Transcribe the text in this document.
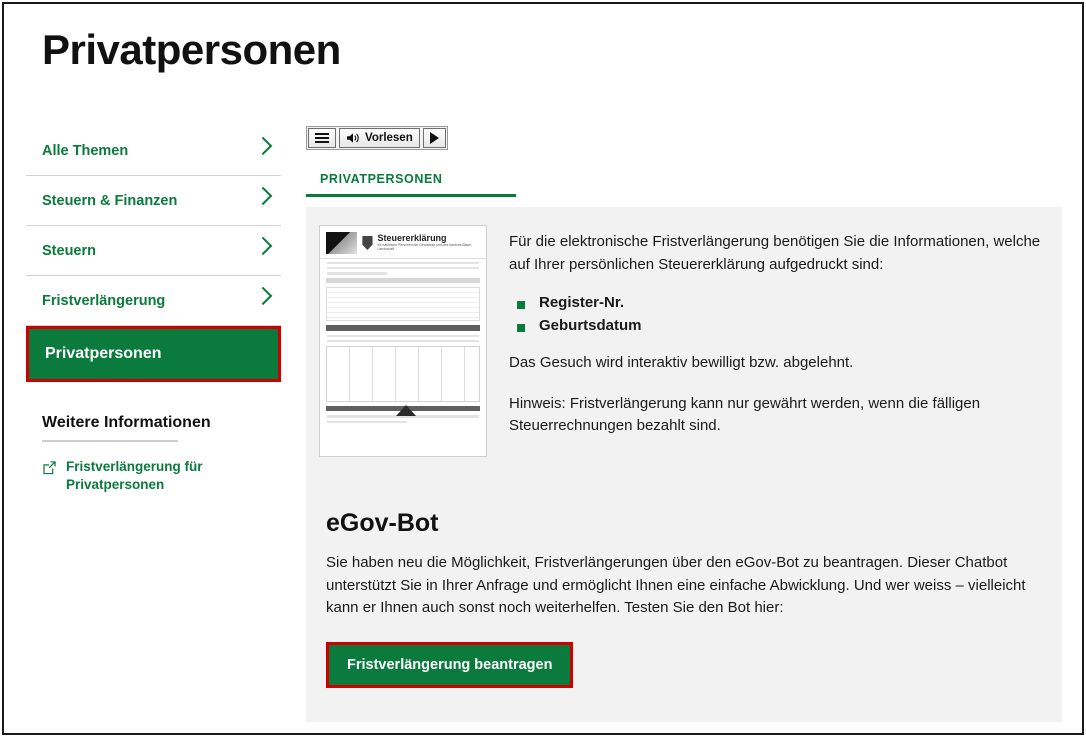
Privatpersonen
Alle Themen
Steuern & Finanzen
Steuern
Fristverlängerung
Privatpersonen
Weitere Informationen
Fristverlängerung für Privatpersonen
Vorlesen
PRIVATPERSONEN
Steuererklärung
für natürliche Personen der Gemeinde und des Kantons Basel-Landschaft	Für die elektronische Fristverlängerung benötigen Sie die Informationen, welche auf Ihrer persönlichen Steuererklärung aufgedruckt sind:

Register-Nr.
Geburtsdatum

Das Gesuch wird interaktiv bewilligt bzw. abgelehnt.

Hinweis: Fristverlängerung kann nur gewährt werden, wenn die fälligen Steuerrechnungen bezahlt sind.

eGov-Bot

Sie haben neu die Möglichkeit, Fristverlängerungen über den eGov-Bot zu beantragen. Dieser Chatbot unterstützt Sie in Ihrer Anfrage und ermöglicht Ihnen eine einfache Abwicklung. Und wer weiss – vielleicht kann er Ihnen auch sonst noch weiterhelfen. Testen Sie den Bot hier:

Fristverlängerung beantragen
